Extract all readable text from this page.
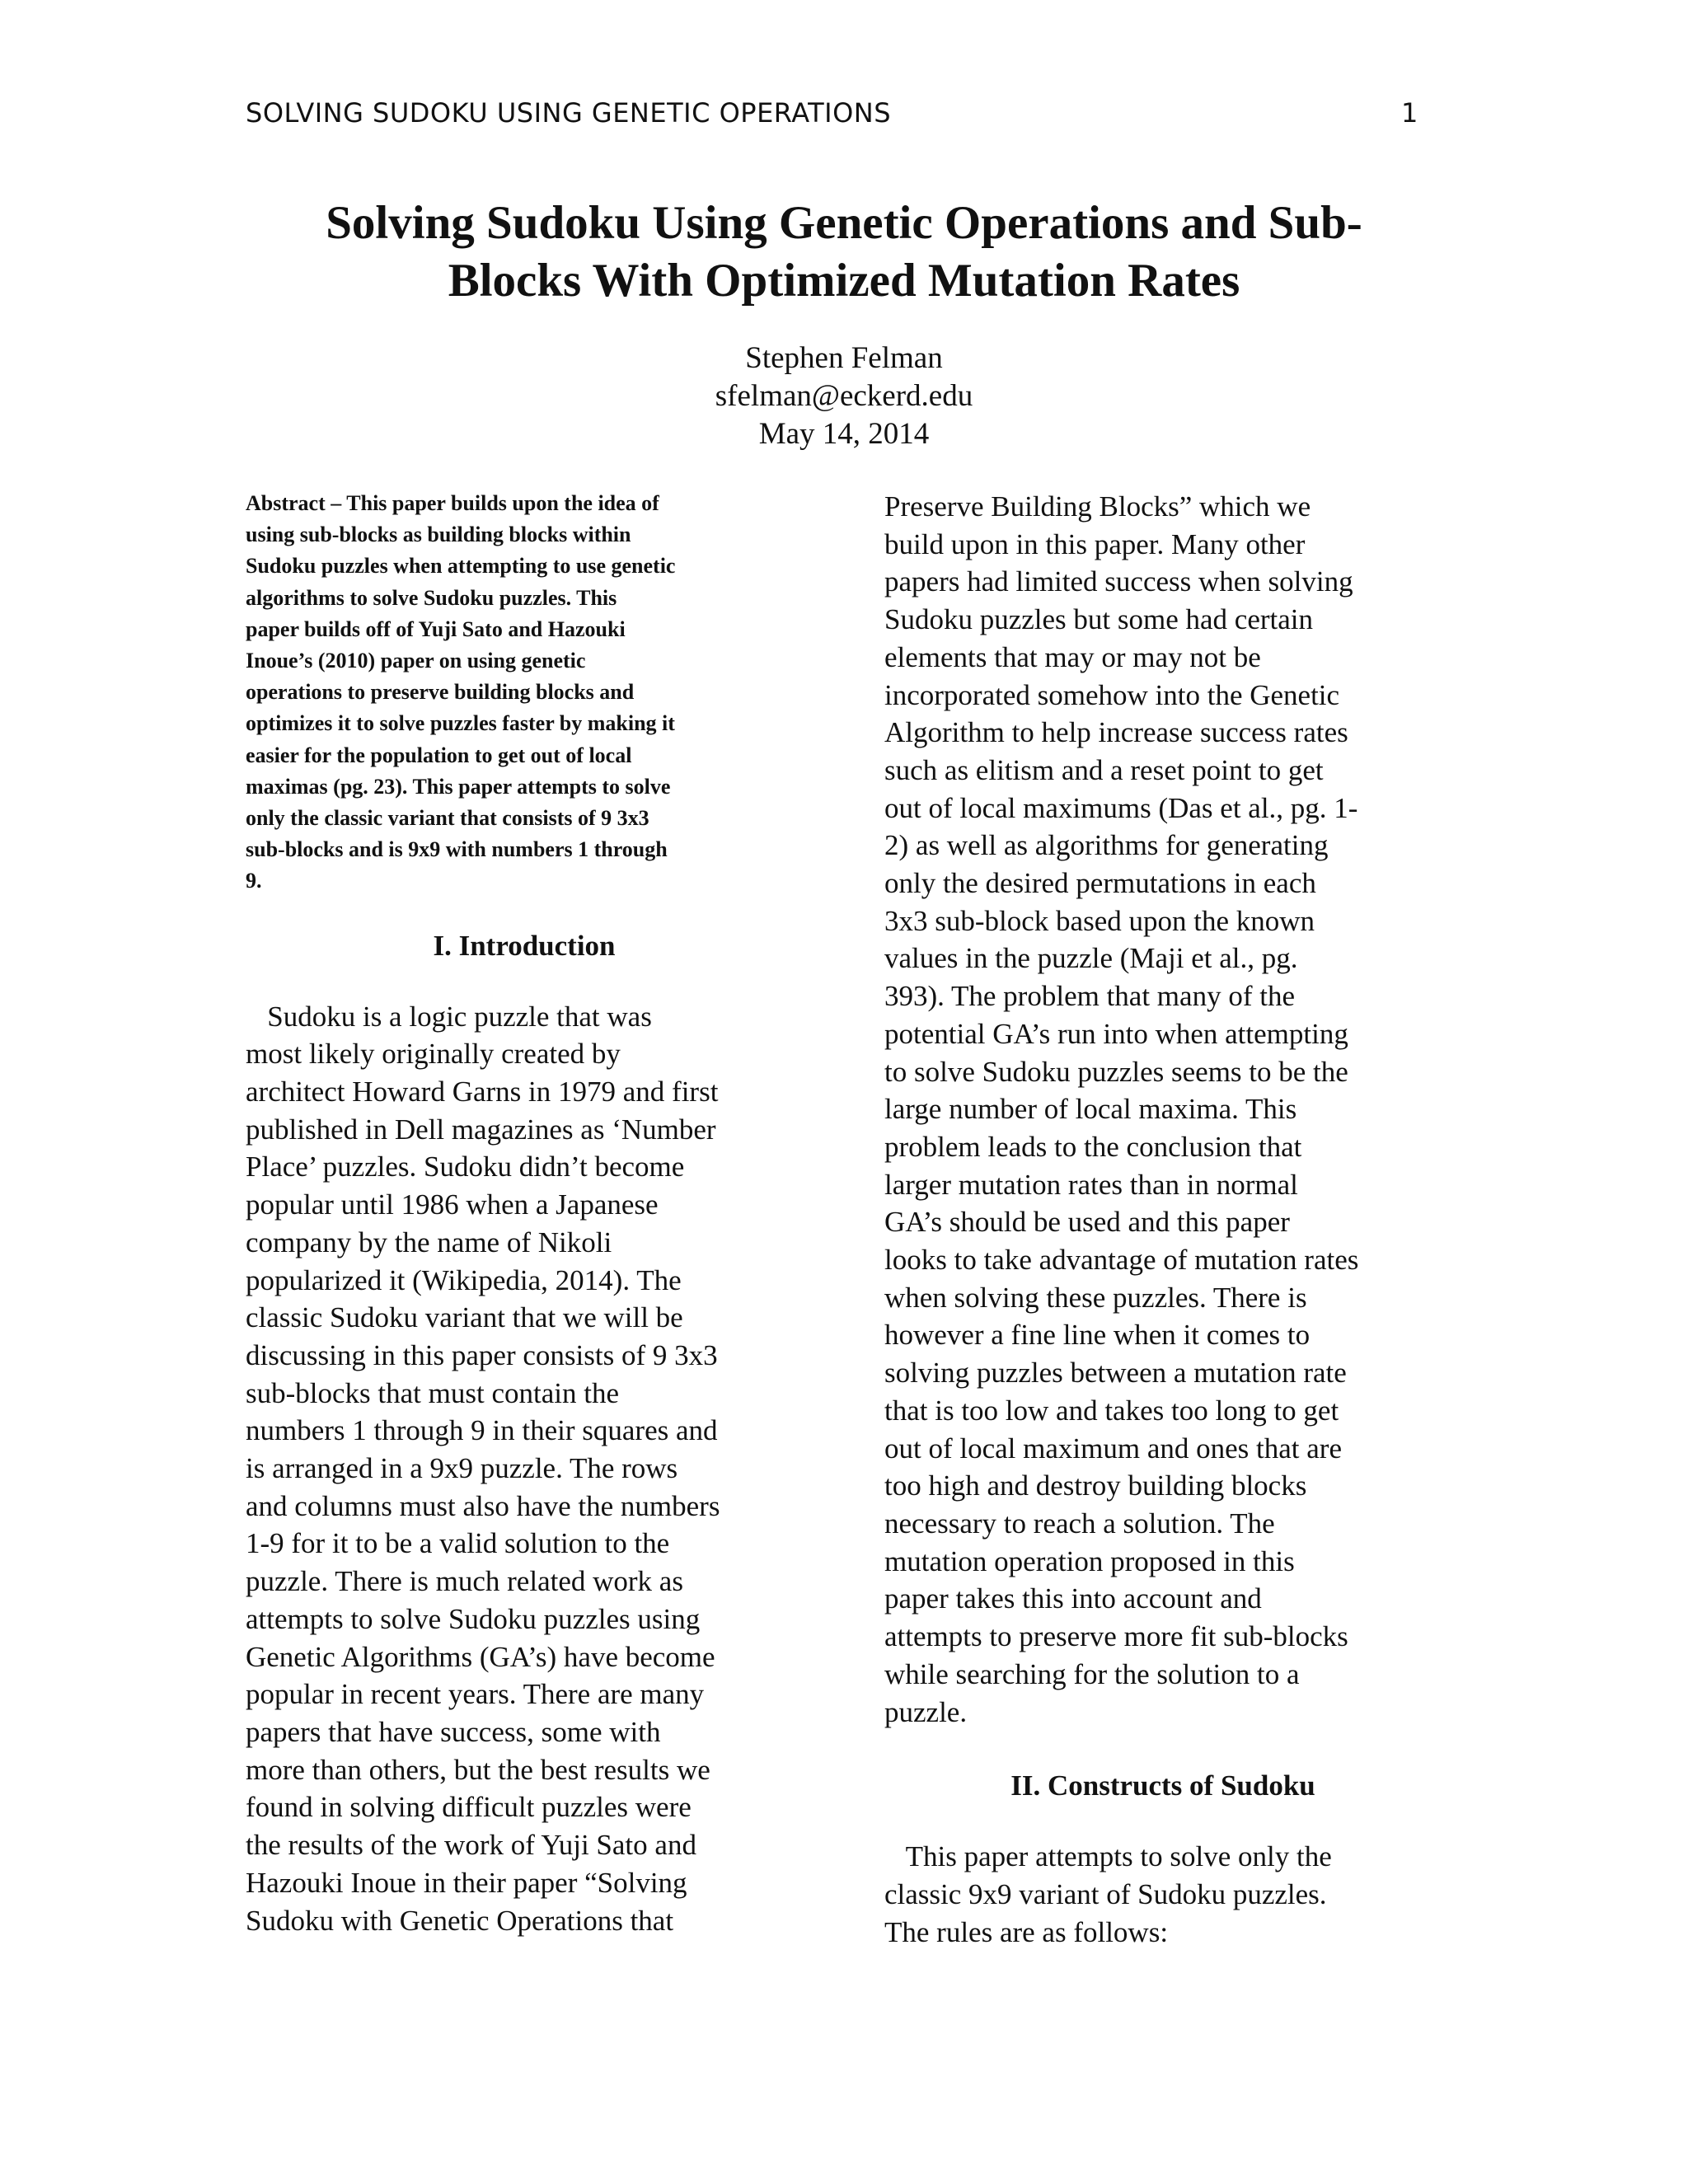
SOLVING SUDOKU USING GENETIC OPERATIONS	1
Solving Sudoku Using Genetic Operations and Sub-
Blocks With Optimized Mutation Rates
Stephen Felman
sfelman@eckerd.edu
May 14, 2014

Abstract – This paper builds upon the idea of
using sub-blocks as building blocks within
Sudoku puzzles when attempting to use genetic
algorithms to solve Sudoku puzzles. This
paper builds off of Yuji Sato and Hazouki
Inoue’s (2010) paper on using genetic
operations to preserve building blocks and
optimizes it to solve puzzles faster by making it
easier for the population to get out of local
maximas (pg. 23). This paper attempts to solve
only the classic variant that consists of 9 3x3
sub-blocks and is 9x9 with numbers 1 through
9.

I. Introduction

Sudoku is a logic puzzle that was
most likely originally created by
architect Howard Garns in 1979 and first
published in Dell magazines as ‘Number
Place’ puzzles. Sudoku didn’t become
popular until 1986 when a Japanese
company by the name of Nikoli
popularized it (Wikipedia, 2014). The
classic Sudoku variant that we will be
discussing in this paper consists of 9 3x3
sub-blocks that must contain the
numbers 1 through 9 in their squares and
is arranged in a 9x9 puzzle. The rows
and columns must also have the numbers
1-9 for it to be a valid solution to the
puzzle. There is much related work as
attempts to solve Sudoku puzzles using
Genetic Algorithms (GA’s) have become
popular in recent years. There are many
papers that have success, some with
more than others, but the best results we
found in solving difficult puzzles were
the results of the work of Yuji Sato and
Hazouki Inoue in their paper “Solving
Sudoku with Genetic Operations that

Preserve Building Blocks” which we
build upon in this paper. Many other
papers had limited success when solving
Sudoku puzzles but some had certain
elements that may or may not be
incorporated somehow into the Genetic
Algorithm to help increase success rates
such as elitism and a reset point to get
out of local maximums (Das et al., pg. 1-
2) as well as algorithms for generating
only the desired permutations in each
3x3 sub-block based upon the known
values in the puzzle (Maji et al., pg.
393). The problem that many of the
potential GA’s run into when attempting
to solve Sudoku puzzles seems to be the
large number of local maxima. This
problem leads to the conclusion that
larger mutation rates than in normal
GA’s should be used and this paper
looks to take advantage of mutation rates
when solving these puzzles. There is
however a fine line when it comes to
solving puzzles between a mutation rate
that is too low and takes too long to get
out of local maximum and ones that are
too high and destroy building blocks
necessary to reach a solution. The
mutation operation proposed in this
paper takes this into account and
attempts to preserve more fit sub-blocks
while searching for the solution to a
puzzle.

II. Constructs of Sudoku

This paper attempts to solve only the
classic 9x9 variant of Sudoku puzzles.
The rules are as follows:
